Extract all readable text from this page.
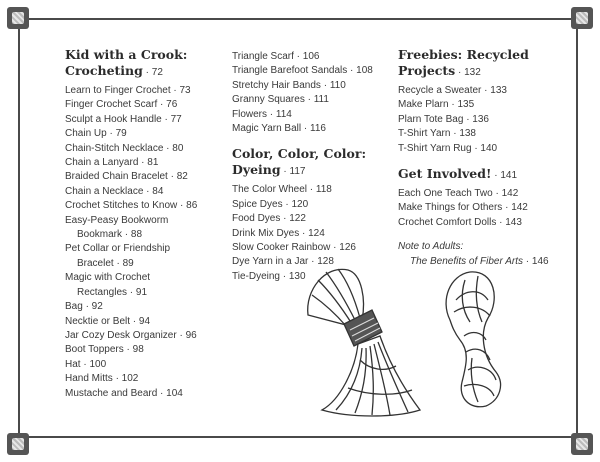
Kid with a Crook:
Crocheting · 72
Learn to Finger Crochet · 73
Finger Crochet Scarf · 76
Sculpt a Hook Handle · 77
Chain Up · 79
Chain-Stitch Necklace · 80
Chain a Lanyard · 81
Braided Chain Bracelet · 82
Chain a Necklace · 84
Crochet Stitches to Know · 86
Easy-Peasy Bookworm
Bookmark · 88
Pet Collar or Friendship
Bracelet · 89
Magic with Crochet
Rectangles · 91
Bag · 92
Necktie or Belt · 94
Jar Cozy Desk Organizer · 96
Boot Toppers · 98
Hat · 100
Hand Mitts · 102
Mustache and Beard · 104
Triangle Scarf · 106
Triangle Barefoot Sandals · 108
Stretchy Hair Bands · 110
Granny Squares · 111
Flowers · 114
Magic Yarn Ball · 116
Color, Color, Color:
Dyeing · 117
The Color Wheel · 118
Spice Dyes · 120
Food Dyes · 122
Drink Mix Dyes · 124
Slow Cooker Rainbow · 126
Dye Yarn in a Jar · 128
Tie-Dyeing · 130
Freebies: Recycled
Projects · 132
Recycle a Sweater · 133
Make Plarn · 135
Plarn Tote Bag · 136
T-Shirt Yarn · 138
T-Shirt Yarn Rug · 140
Get Involved! · 141
Each One Teach Two · 142
Make Things for Others · 142
Crochet Comfort Dolls · 143
Note to Adults:
The Benefits of Fiber Arts · 146
